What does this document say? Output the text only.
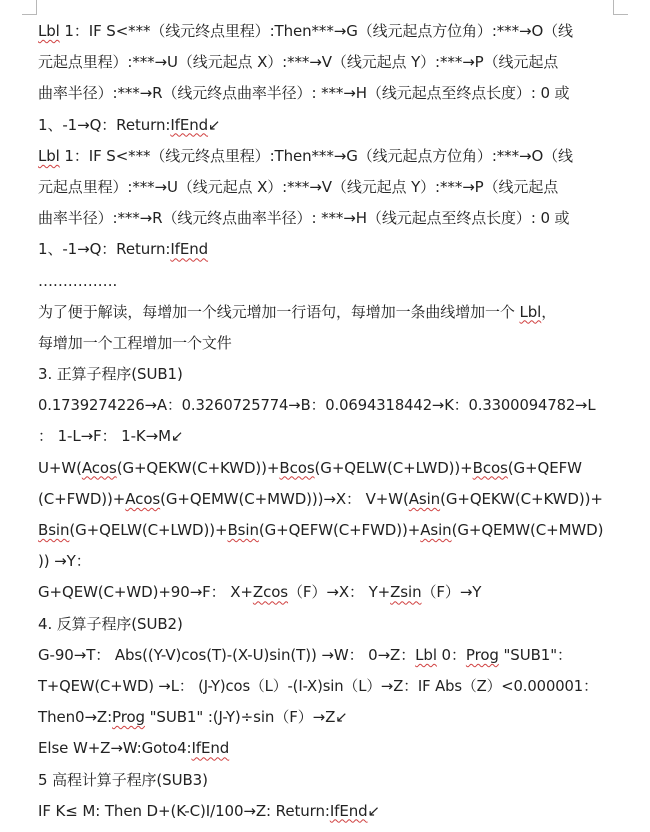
Lbl 1：IF S<***（线元终点里程）:Then***→G（线元起点方位角）:***→O（线
元起点里程）:***→U（线元起点 X）:***→V（线元起点 Y）:***→P（线元起点
曲率半径）:***→R（线元终点曲率半径）: ***→H（线元起点至终点长度）: 0 或
1、-1→Q：Return:IfEnd↙
Lbl 1：IF S<***（线元终点里程）:Then***→G（线元起点方位角）:***→O（线
元起点里程）:***→U（线元起点 X）:***→V（线元起点 Y）:***→P（线元起点
曲率半径）:***→R（线元终点曲率半径）: ***→H（线元起点至终点长度）: 0 或
1、-1→Q：Return:IfEnd
…………….
为了便于解读，每增加一个线元增加一行语句，每增加一条曲线增加一个 Lbl，
每增加一个工程增加一个文件
3. 正算子程序(SUB1)
0.1739274226→A：0.3260725774→B：0.0694318442→K：0.3300094782→L
： 1-L→F： 1-K→M↙
U+W(Acos(G+QEKW(C+KWD))+Bcos(G+QELW(C+LWD))+Bcos(G+QEFW
(C+FWD))+Acos(G+QEMW(C+MWD)))→X： V+W(Asin(G+QEKW(C+KWD))+
Bsin(G+QELW(C+LWD))+Bsin(G+QEFW(C+FWD))+Asin(G+QEMW(C+MWD)
)) →Y：
G+QEW(C+WD)+90→F： X+Zcos（F）→X： Y+Zsin（F）→Y
4. 反算子程序(SUB2)
G-90→T： Abs((Y-V)cos(T)-(X-U)sin(T)) →W： 0→Z：Lbl 0：Prog "SUB1"：
T+QEW(C+WD) →L： (J-Y)cos（L）-(I-X)sin（L）→Z：IF Abs（Z）<0.000001：
Then0→Z:Prog "SUB1" :(J-Y)÷sin（F）→Z↙
Else W+Z→W:Goto4:IfEnd
5 高程计算子程序(SUB3)
IF K≤ M: Then D+(K-C)I/100→Z: Return:IfEnd↙
